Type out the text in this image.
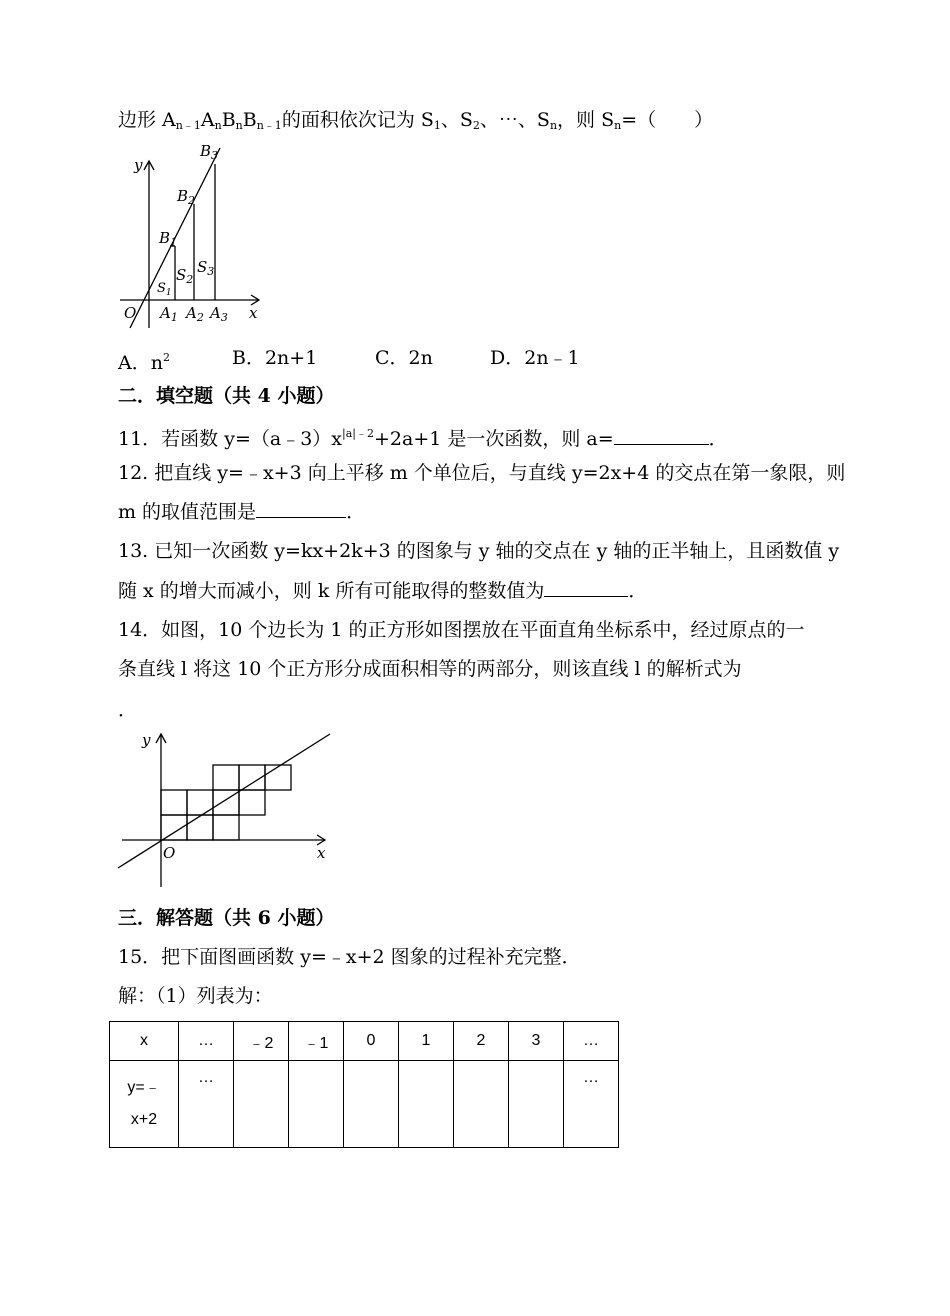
边形 $A_{n﹣1}A_nB_nB_{n﹣1}$的面积依次记为 $S_1$、$S_2$、⋯、$S_n$，则 $S_n=$（　　）
y
x
O
$B_1$
$B_2$
$B_3$
$S_1$
$S_2$
$S_3$
$A_1$ $A_2$ $A_3$
A．$n^2$	B．2n+1	C．2n	D．2n﹣1
二．填空题（共 4 小题）
11．若函数 $y=(a﹣3)x^{|a|﹣2}+2a+1$ 是一次函数，则 a=	．
12. 把直线 y=﹣x+3 向上平移 m 个单位后，与直线 y=2x+4 的交点在第一象限，则
m 的取值范围是	．
13. 已知一次函数 y=kx+2k+3 的图象与 y 轴的交点在 y 轴的正半轴上，且函数值 y
随 x 的增大而减小，则 k 所有可能取得的整数值为	．
14．如图，10 个边长为 1 的正方形如图摆放在平面直角坐标系中，经过原点的一
条直线 l 将这 10 个正方形分成面积相等的两部分，则该直线 l 的解析式为
．
y
x
O
三．解答题（共 6 小题）
15．把下面图画函数 y=﹣x+2 图象的过程补充完整．
解：（1）列表为：
x	…	﹣2	﹣1	0	1	2	3	…
y=﹣
x+2	…							…
